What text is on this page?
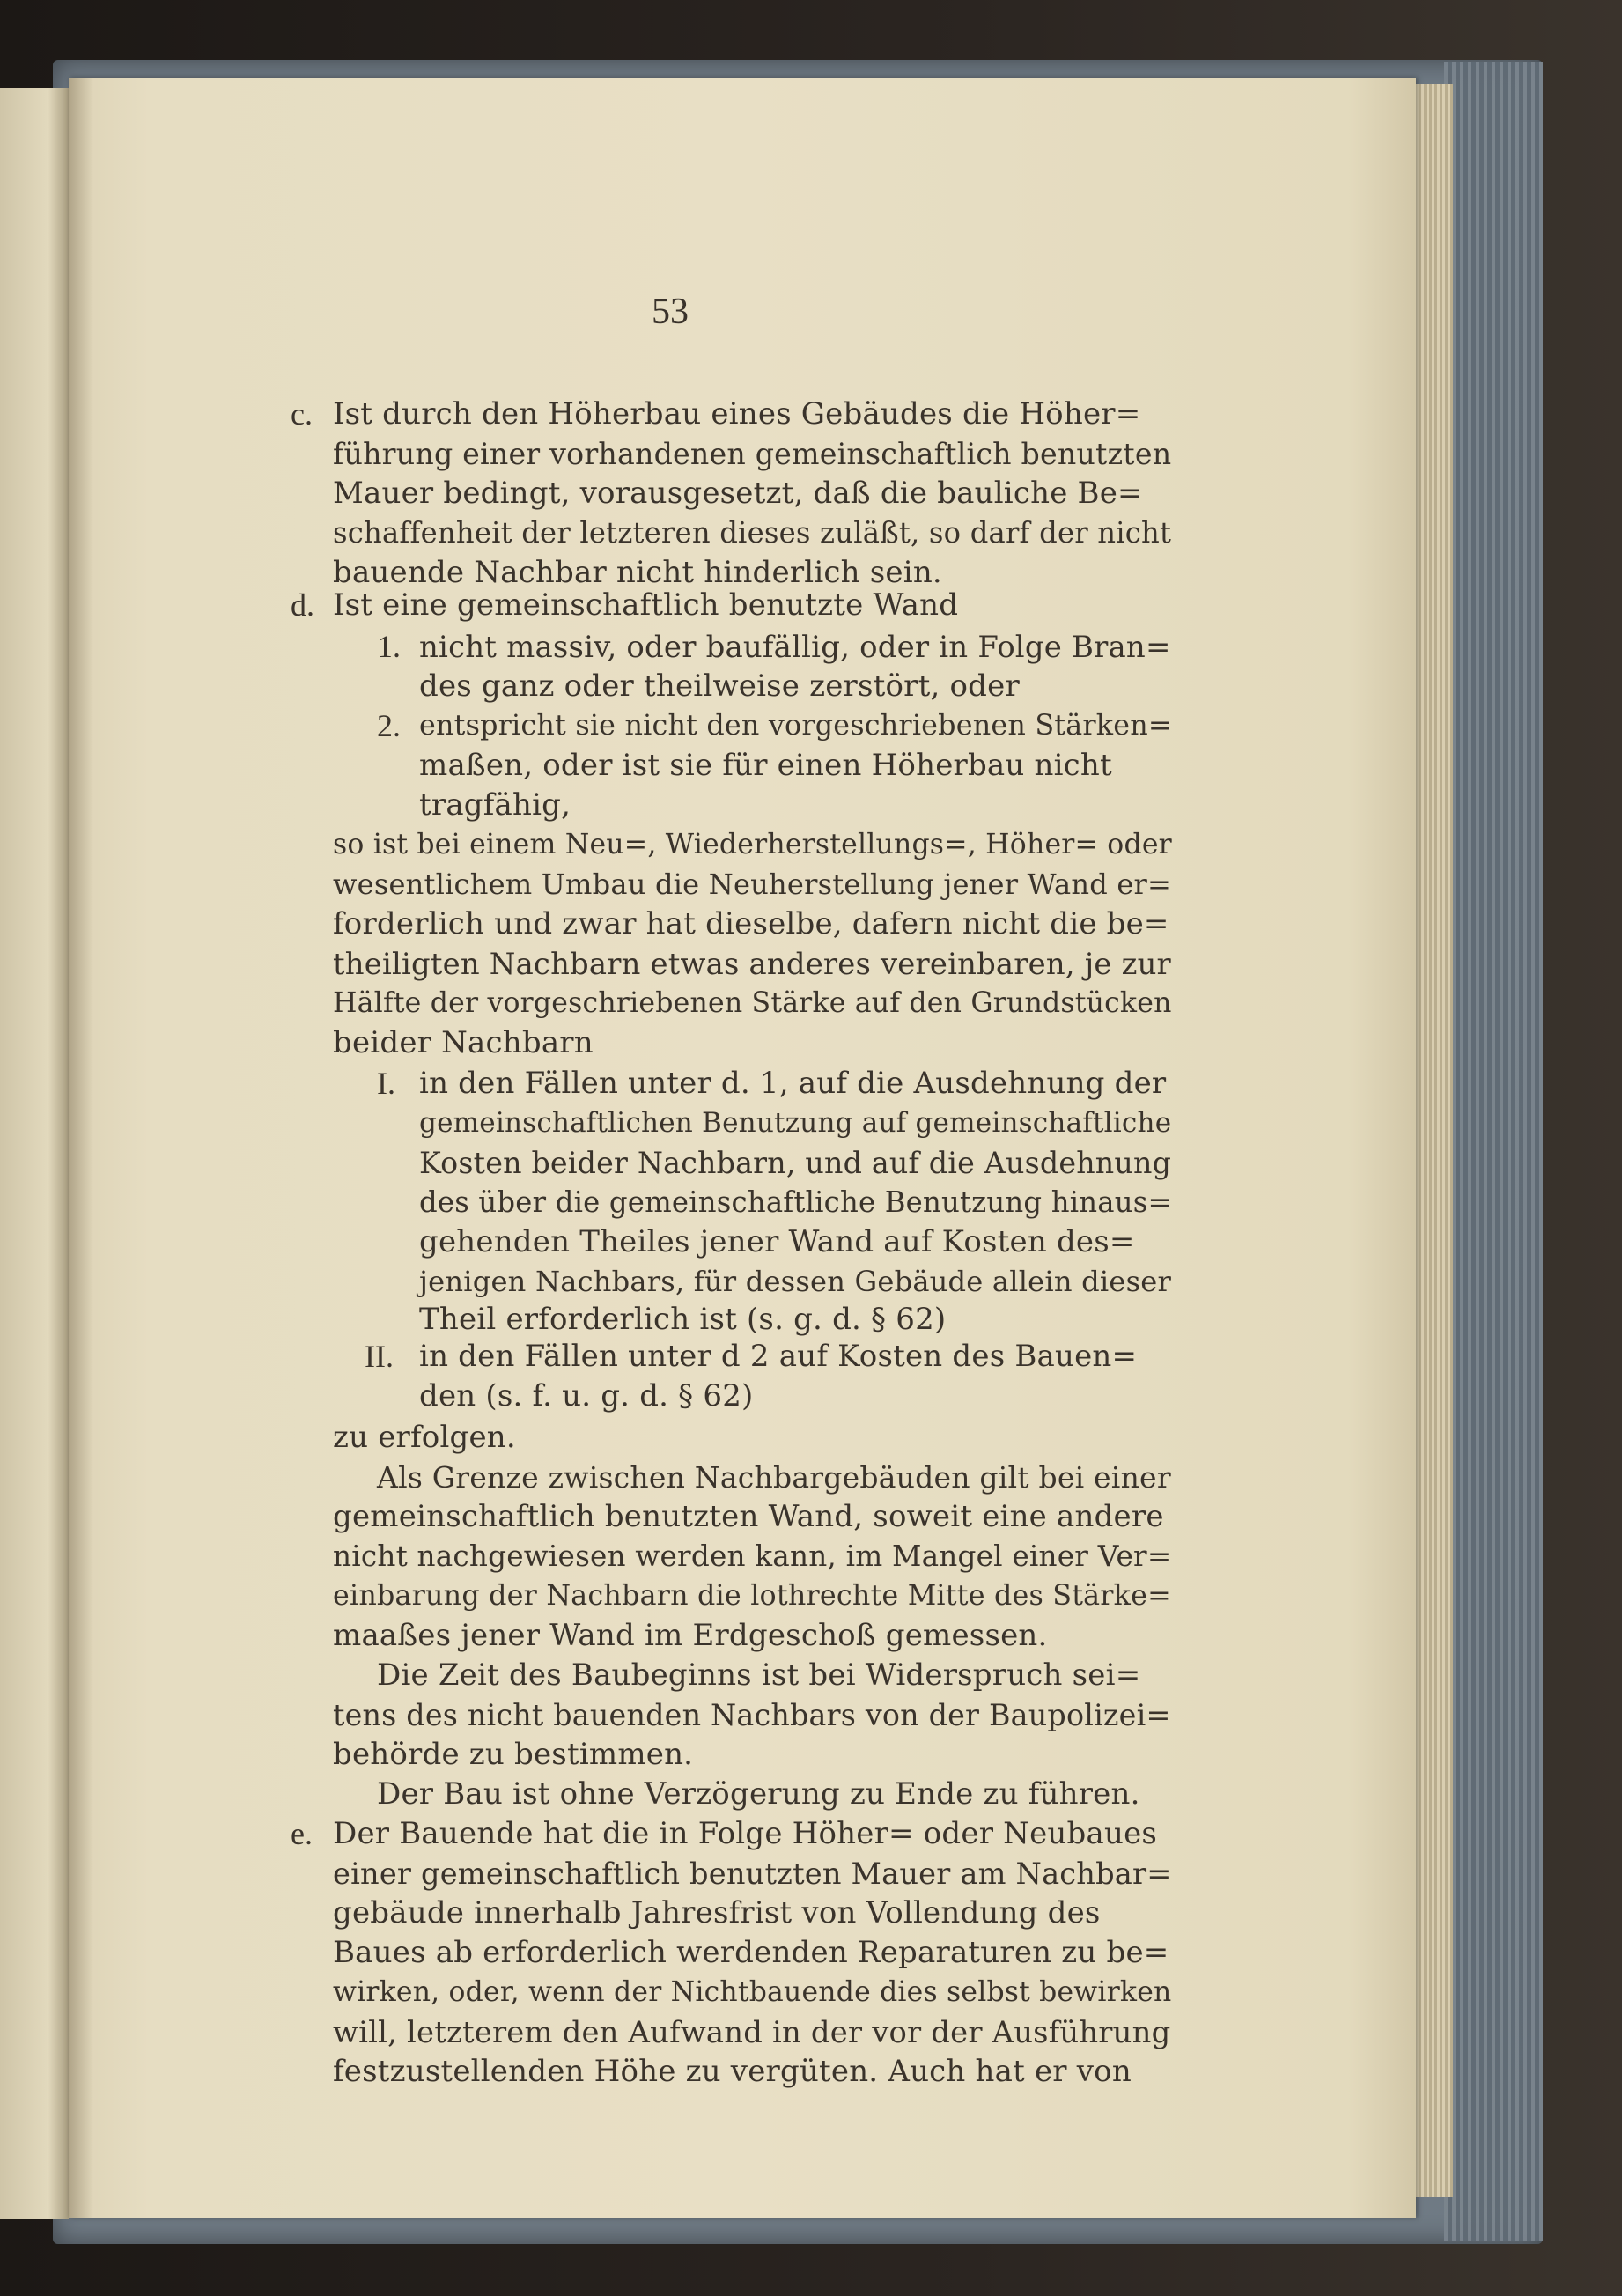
53
c.
d.
1.
2.
I.
II.
e.
Ist durch den Höherbau eines Gebäudes die Höher=
führung einer vorhandenen gemeinschaftlich benutzten
Mauer bedingt, vorausgesetzt, daß die bauliche Be=
schaffenheit der letzteren dieses zuläßt, so darf der nicht
bauende Nachbar nicht hinderlich sein.
Ist eine gemeinschaftlich benutzte Wand
nicht massiv, oder baufällig, oder in Folge Bran=
des ganz oder theilweise zerstört, oder
entspricht sie nicht den vorgeschriebenen Stärken=
maßen, oder ist sie für einen Höherbau nicht
tragfähig,
so ist bei einem Neu=, Wiederherstellungs=, Höher= oder
wesentlichem Umbau die Neuherstellung jener Wand er=
forderlich und zwar hat dieselbe, dafern nicht die be=
theiligten Nachbarn etwas anderes vereinbaren, je zur
Hälfte der vorgeschriebenen Stärke auf den Grundstücken
beider Nachbarn
in den Fällen unter d. 1, auf die Ausdehnung der
gemeinschaftlichen Benutzung auf gemeinschaftliche
Kosten beider Nachbarn, und auf die Ausdehnung
des über die gemeinschaftliche Benutzung hinaus=
gehenden Theiles jener Wand auf Kosten des=
jenigen Nachbars, für dessen Gebäude allein dieser
Theil erforderlich ist (s. g. d. § 62)
in den Fällen unter d 2 auf Kosten des Bauen=
den (s. f. u. g. d. § 62)
zu erfolgen.
Als Grenze zwischen Nachbargebäuden gilt bei einer
gemeinschaftlich benutzten Wand, soweit eine andere
nicht nachgewiesen werden kann, im Mangel einer Ver=
einbarung der Nachbarn die lothrechte Mitte des Stärke=
maaßes jener Wand im Erdgeschoß gemessen.
Die Zeit des Baubeginns ist bei Widerspruch sei=
tens des nicht bauenden Nachbars von der Baupolizei=
behörde zu bestimmen.
Der Bau ist ohne Verzögerung zu Ende zu führen.
Der Bauende hat die in Folge Höher= oder Neubaues
einer gemeinschaftlich benutzten Mauer am Nachbar=
gebäude innerhalb Jahresfrist von Vollendung des
Baues ab erforderlich werdenden Reparaturen zu be=
wirken, oder, wenn der Nichtbauende dies selbst bewirken
will, letzterem den Aufwand in der vor der Ausführung
festzustellenden Höhe zu vergüten. Auch hat er von
